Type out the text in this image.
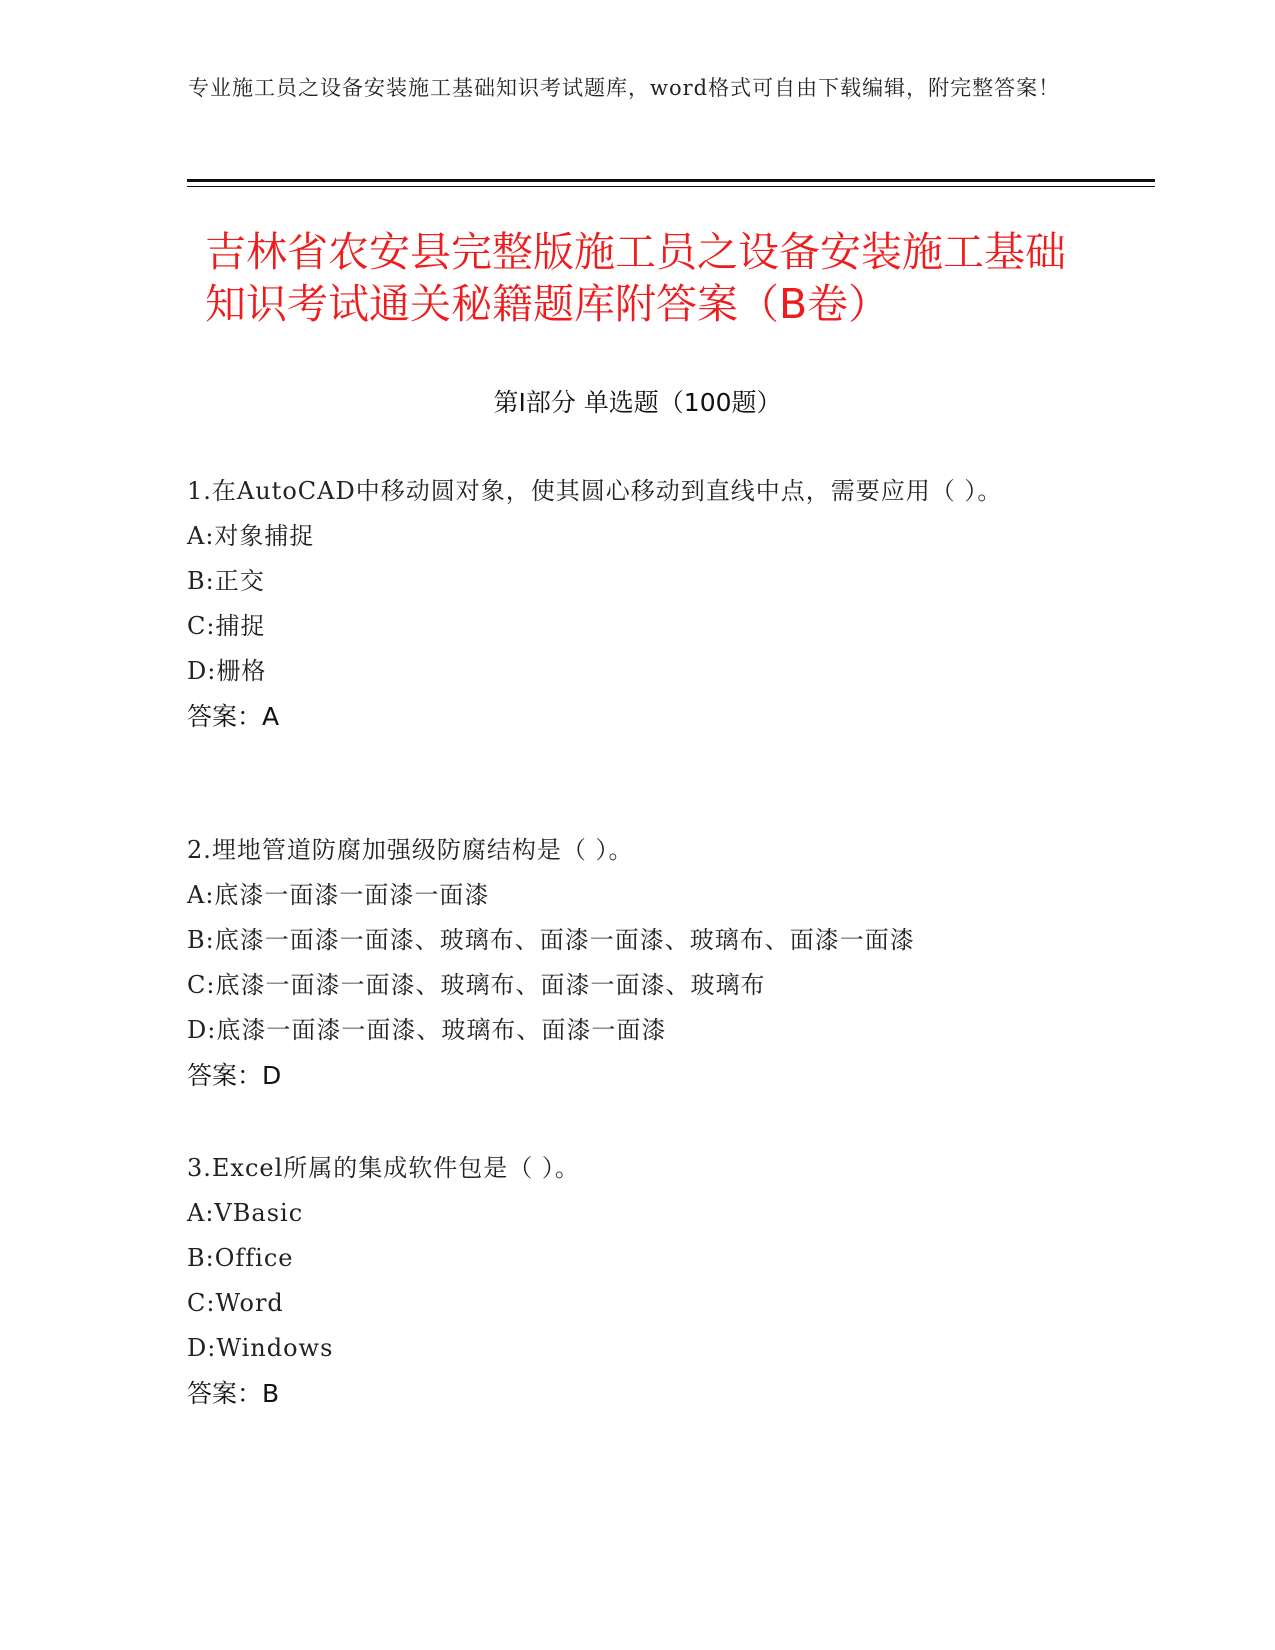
专业施工员之设备安装施工基础知识考试题库，word格式可自由下载编辑，附完整答案！
吉林省农安县完整版施工员之设备安装施工基础知识考试通关秘籍题库附答案（B卷）
第Ⅰ部分 单选题（100题）

1.在AutoCAD中移动圆对象，使其圆心移动到直线中点，需要应用（ ）。

A:对象捕捉

B:正交

C:捕捉

D:栅格

答案：A

2.埋地管道防腐加强级防腐结构是（ ）。

A:底漆一面漆一面漆一面漆

B:底漆一面漆一面漆、玻璃布、面漆一面漆、玻璃布、面漆一面漆

C:底漆一面漆一面漆、玻璃布、面漆一面漆、玻璃布

D:底漆一面漆一面漆、玻璃布、面漆一面漆

答案：D

3.Excel所属的集成软件包是（ ）。

A:VBasic

B:Office

C:Word

D:Windows

答案：B
